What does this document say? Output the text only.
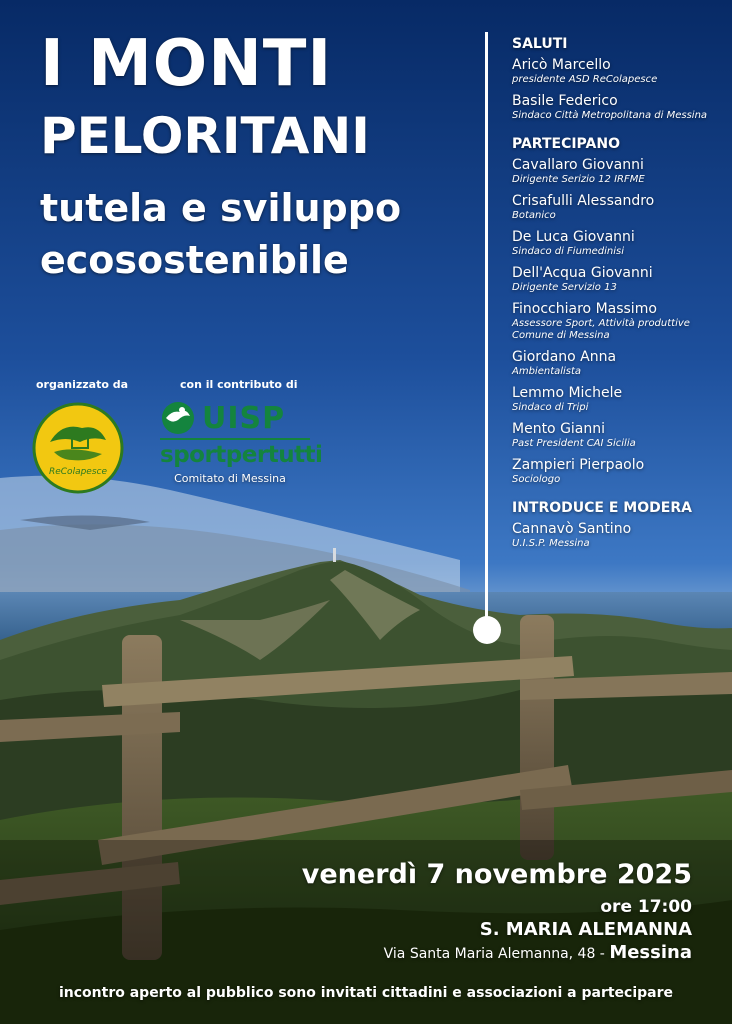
I MONTI
PELORITANI
tutela e sviluppo
ecosostenibile
organizzato da	con il contributo di
ReColapesce
UISP
sportpertutti
Comitato di Messina
SALUTI
Aricò Marcello
presidente ASD ReColapesce
Basile Federico
Sindaco Città Metropolitana di Messina
PARTECIPANO
Cavallaro Giovanni
Dirigente Serizio 12 IRFME
Crisafulli Alessandro
Botanico
De Luca Giovanni
Sindaco di Fiumedinisi
Dell'Acqua Giovanni
Dirigente Servizio 13
Finocchiaro Massimo
Assessore Sport, Attività produttive Comune di Messina
Giordano Anna
Ambientalista
Lemmo Michele
Sindaco di Tripi
Mento Gianni
Past President CAI Sicilia
Zampieri Pierpaolo
Sociologo
INTRODUCE E MODERA
Cannavò Santino
U.I.S.P. Messina
venerdì 7 novembre 2025
ore 17:00
S. MARIA ALEMANNA
Via Santa Maria Alemanna, 48 - Messina
incontro aperto al pubblico sono invitati cittadini e associazioni a partecipare
